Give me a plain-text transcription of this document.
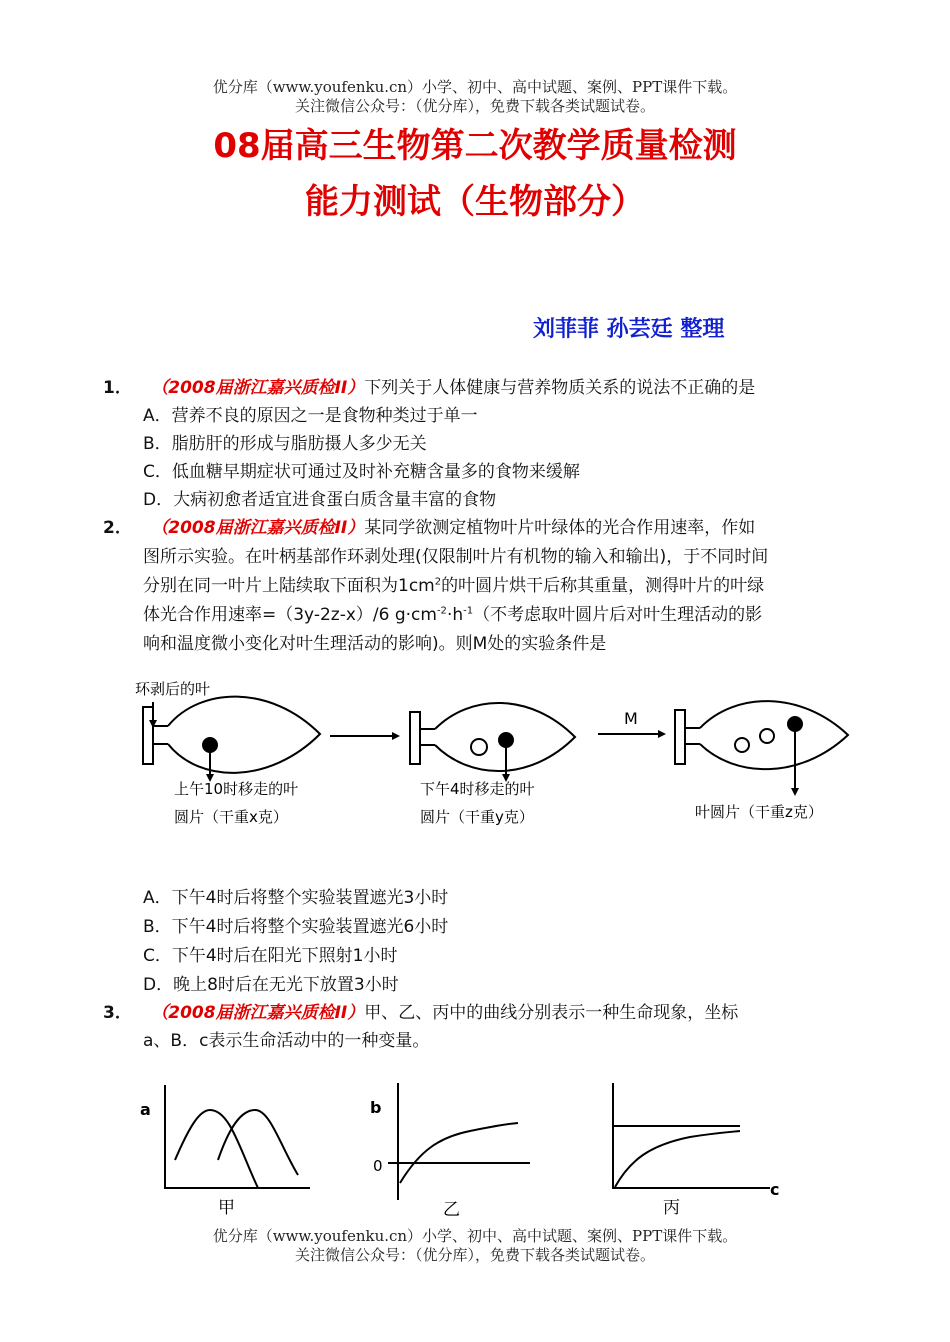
优分库（www.youfenku.cn）小学、初中、高中试题、案例、PPT课件下载。
关注微信公众号：（优分库），免费下载各类试题试卷。
08届高三生物第二次教学质量检测
能力测试（生物部分）
刘菲菲 孙芸廷 整理
1． （2008届浙江嘉兴质检II）下列关于人体健康与营养物质关系的说法不正确的是
A．营养不良的原因之一是食物种类过于单一
B．脂肪肝的形成与脂肪摄人多少无关
C．低血糖早期症状可通过及时补充糖含量多的食物来缓解
D．大病初愈者适宜进食蛋白质含量丰富的食物
2． （2008届浙江嘉兴质检II）某同学欲测定植物叶片叶绿体的光合作用速率，作如
图所示实验。在叶柄基部作环剥处理(仅限制叶片有机物的输入和输出)，于不同时间
分别在同一叶片上陆续取下面积为$1cm^2$的叶圆片烘干后称其重量，测得叶片的叶绿
体光合作用速率=（3y-2z-x）/6 $g\cdot cm^{-2}\cdot h^{-1}$（不考虑取叶圆片后对叶生理活动的影
响和温度微小变化对叶生理活动的影响)。则M处的实验条件是
环剥后的叶
上午10时移走的叶
圆片（干重x克）
下午4时移走的叶
圆片（干重y克）
M
叶圆片（干重z克）
A．下午4时后将整个实验装置遮光3小时
B．下午4时后将整个实验装置遮光6小时
C．下午4时后在阳光下照射1小时
D．晚上8时后在无光下放置3小时
3． （2008届浙江嘉兴质检II）甲、乙、丙中的曲线分别表示一种生命现象，坐标
a、B．c表示生命活动中的一种变量。
a	b
0
c
甲	乙	丙
优分库（www.youfenku.cn）小学、初中、高中试题、案例、PPT课件下载。
关注微信公众号：（优分库），免费下载各类试题试卷。
